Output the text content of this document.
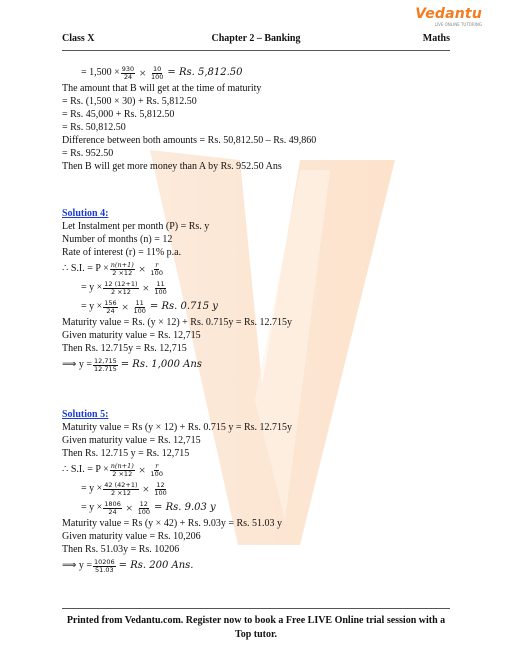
Vedantu
LIVE ONLINE TUTORING
Class X	Chapter 2 – Banking	Maths
= $1,500 \times \frac{930}{24} \times \frac{10}{100} = Rs$. 5,812.50
The amount that B will get at the time of maturity
= Rs. (1,500 × 30) + Rs. 5,812.50
= Rs. 45,000 + Rs. 5,812.50
= Rs. 50,812.50
Difference between both amounts = Rs. 50,812.50 – Rs. 49,860
= Rs. 952.50
Then B will get more money than A by Rs. 952.50 Ans
Solution 4:
Let Instalment per month (P) = Rs. y
Number of months (n) = 12
Rate of interest (r) = 11% p.a.
∴ S.I. = $P \times \frac{n(n+1)}{2 \times 12} \times \frac{r}{100}$
= $y \times \frac{12 (12+1)}{2 \times 12} \times \frac{11}{100}$
= $y \times \frac{156}{24} \times \frac{11}{100} = Rs$. 0.715 y
Maturity value = Rs. (y × 12) + Rs. 0.715y = Rs. 12.715y
Given maturity value = Rs. 12,715
Then Rs. 12.715y = Rs. 12,715
⟹ $y = \frac{12,715}{12.715} = Rs$. 1,000 Ans
Solution 5:
Maturity value = Rs (y × 12) + Rs. 0.715 y = Rs. 12.715y
Given maturity value = Rs. 12,715
Then Rs. 12.715 y = Rs. 12,715
∴ S.I. = $P \times \frac{n(n+1)}{2 \times 12} \times \frac{r}{100}$
= $y \times \frac{42 (42+1)}{2 \times 12} \times \frac{12}{100}$
= $y \times \frac{1806}{24} \times \frac{12}{100} = Rs$. 9.03 y
Maturity value = Rs (y × 42) + Rs. 9.03y = Rs. 51.03 y
Given maturity value = Rs. 10,206
Then Rs. 51.03y = Rs. 10206
⟹ $y = \frac{10206}{51.03} = Rs$. 200 Ans.
Printed from Vedantu.com. Register now to book a Free LIVE Online trial session with a
Top tutor.
